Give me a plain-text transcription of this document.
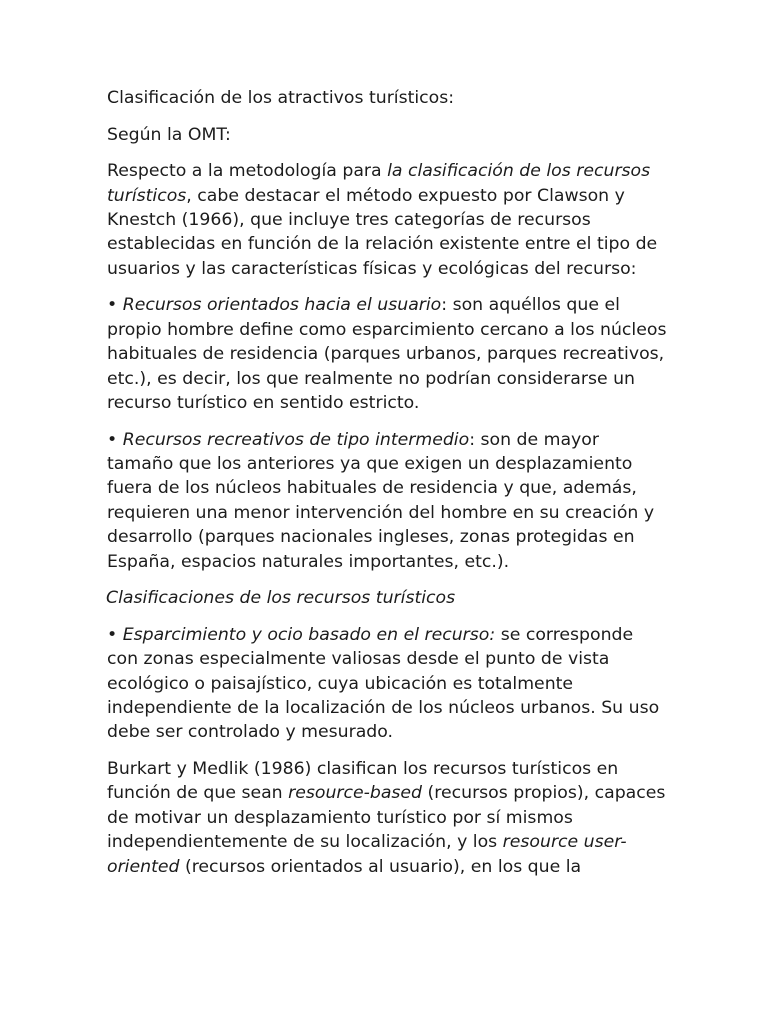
Clasificación de los atractivos turísticos:

Según la OMT:

Respecto a la metodología para la clasificación de los recursos turísticos, cabe destacar el método expuesto por Clawson y Knestch (1966), que incluye tres categorías de recursos establecidas en función de la relación existente entre el tipo de usuarios y las características físicas y ecológicas del recurso:

• Recursos orientados hacia el usuario: son aquéllos que el propio hombre define como esparcimiento cercano a los núcleos habituales de residencia (parques urbanos, parques recreativos, etc.), es decir, los que realmente no podrían considerarse un recurso turístico en sentido estricto.

• Recursos recreativos de tipo intermedio: son de mayor tamaño que los anteriores ya que exigen un desplazamiento fuera de los núcleos habituales de residencia y que, además, requieren una menor intervención del hombre en su creación y desarrollo (parques nacionales ingleses, zonas protegidas en España, espacios naturales importantes, etc.).

Clasificaciones de los recursos turísticos

• Esparcimiento y ocio basado en el recurso: se corresponde con zonas especialmente valiosas desde el punto de vista ecológico o paisajístico, cuya ubicación es totalmente independiente de la localización de los núcleos urbanos. Su uso debe ser controlado y mesurado.

Burkart y Medlik (1986) clasifican los recursos turísticos en función de que sean resource-based (recursos propios), capaces de motivar un desplazamiento turístico por sí mismos independientemente de su localización, y los resource user-oriented (recursos orientados al usuario), en los que la
